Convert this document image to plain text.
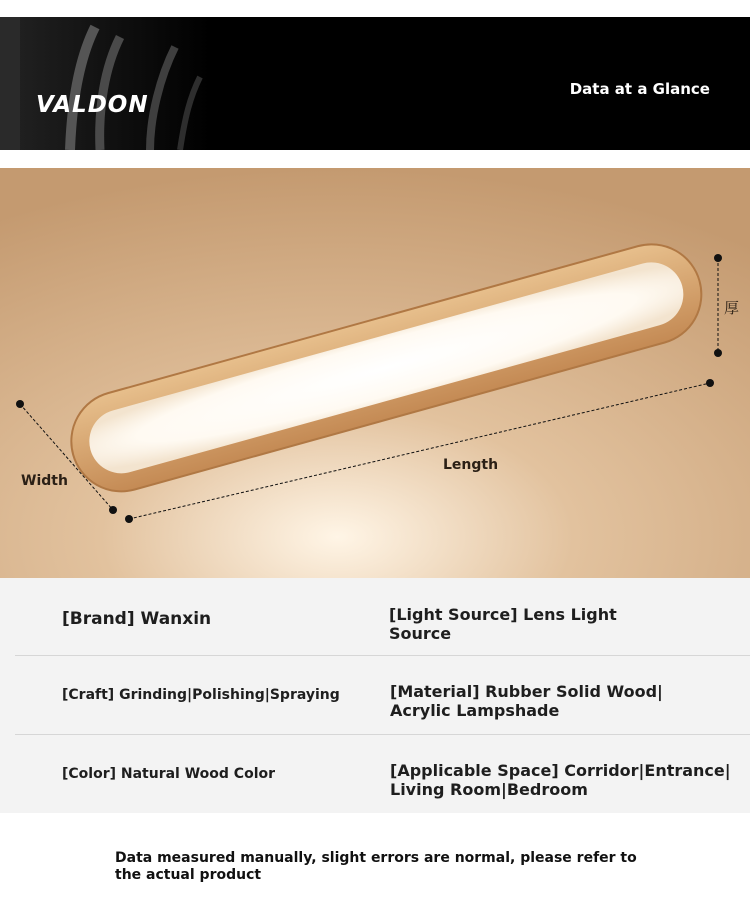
VALDON
Data at a Glance
Width
Length
厚
[Brand] Wanxin	[Light Source] Lens Light Source
[Craft] Grinding|Polishing|Spraying	[Material] Rubber Solid Wood| Acrylic Lampshade
[Color] Natural Wood Color	[Applicable Space] Corridor|Entrance| Living Room|Bedroom
Data measured manually, slight errors are normal, please refer to the actual product
